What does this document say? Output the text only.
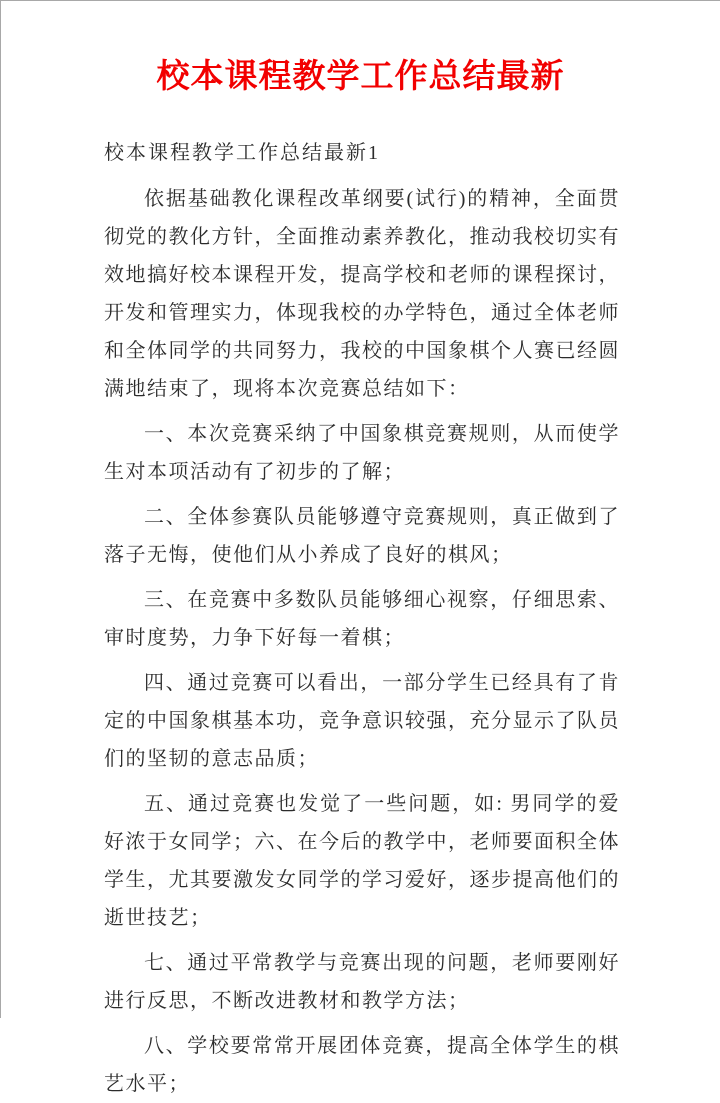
校本课程教学工作总结最新

校本课程教学工作总结最新1

依据基础教化课程改革纲要(试行)的精神，全面贯彻党的教化方针，全面推动素养教化，推动我校切实有效地搞好校本课程开发，提高学校和老师的课程探讨，开发和管理实力，体现我校的办学特色，通过全体老师和全体同学的共同努力，我校的中国象棋个人赛已经圆满地结束了，现将本次竞赛总结如下：

一、本次竞赛采纳了中国象棋竞赛规则，从而使学生对本项活动有了初步的了解；

二、全体参赛队员能够遵守竞赛规则，真正做到了落子无悔，使他们从小养成了良好的棋风；

三、在竞赛中多数队员能够细心视察，仔细思索、审时度势，力争下好每一着棋；

四、通过竞赛可以看出，一部分学生已经具有了肯定的中国象棋基本功，竞争意识较强，充分显示了队员们的坚韧的意志品质；

五、通过竞赛也发觉了一些问题，如: 男同学的爱好浓于女同学；六、在今后的教学中，老师要面积全体学生，尤其要激发女同学的学习爱好，逐步提高他们的逝世技艺；

七、通过平常教学与竞赛出现的问题，老师要刚好进行反思，不断改进教材和教学方法；

八、学校要常常开展团体竞赛，提高全体学生的棋艺水平；
